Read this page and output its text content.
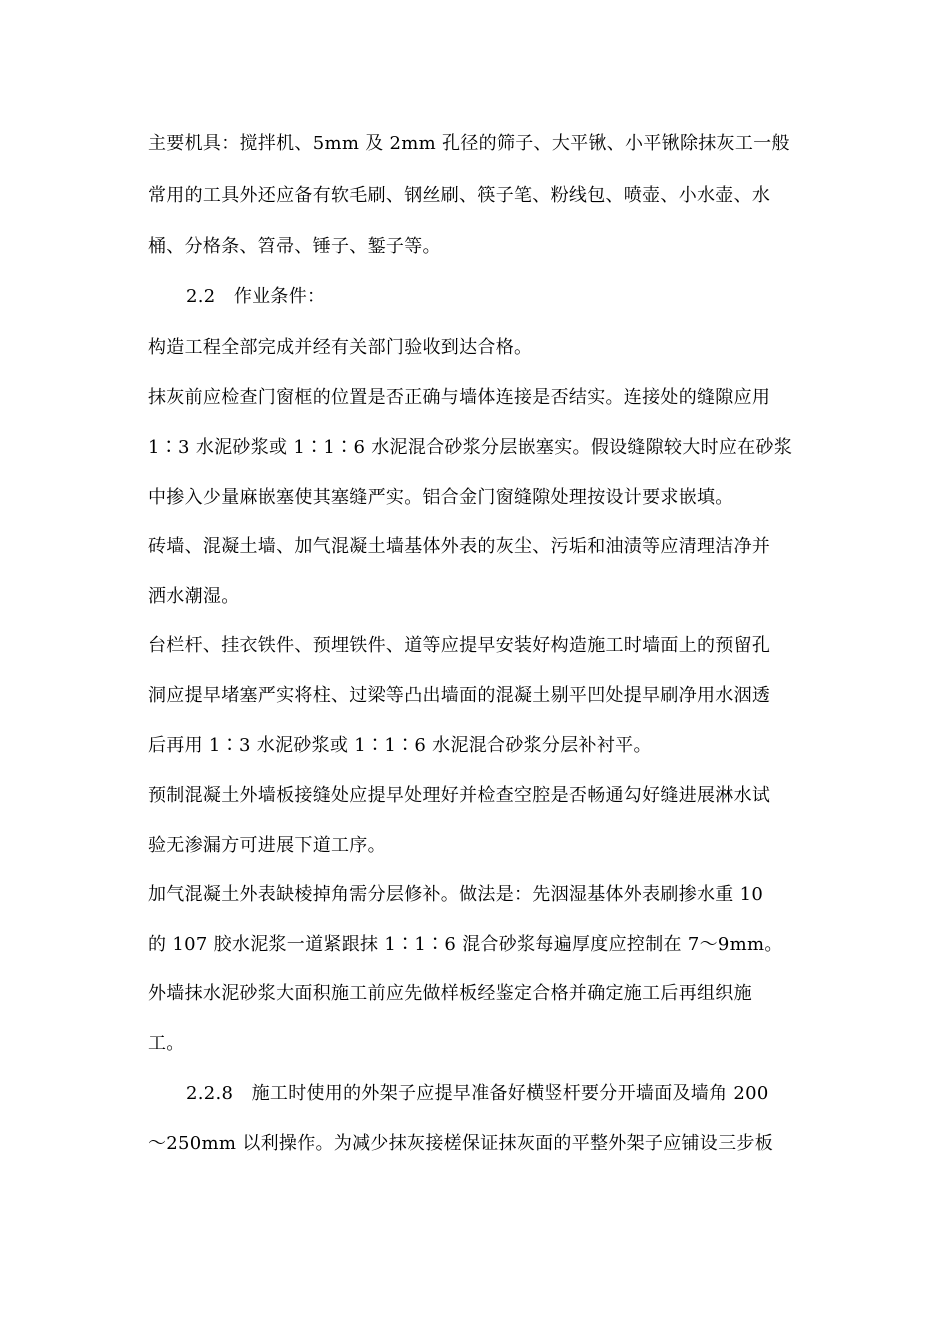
主要机具：搅拌机、5mm 及 2mm 孔径的筛子、大平锹、小平锹除抹灰工一般
常用的工具外还应备有软毛刷、钢丝刷、筷子笔、粉线包、喷壶、小水壶、水
桶、分格条、笤帚、锤子、錾子等。
2.2　作业条件：
构造工程全部完成并经有关部门验收到达合格。
抹灰前应检查门窗框的位置是否正确与墙体连接是否结实。连接处的缝隙应用
1∶3 水泥砂浆或 1∶1∶6 水泥混合砂浆分层嵌塞实。假设缝隙较大时应在砂浆
中掺入少量麻嵌塞使其塞缝严实。铝合金门窗缝隙处理按设计要求嵌填。
砖墙、混凝土墙、加气混凝土墙基体外表的灰尘、污垢和油渍等应清理洁净并
洒水潮湿。
台栏杆、挂衣铁件、预埋铁件、道等应提早安装好构造施工时墙面上的预留孔
洞应提早堵塞严实将柱、过梁等凸出墙面的混凝土剔平凹处提早刷净用水洇透
后再用 1∶3 水泥砂浆或 1∶1∶6 水泥混合砂浆分层补衬平。
预制混凝土外墙板接缝处应提早处理好并检查空腔是否畅通勾好缝进展淋水试
验无渗漏方可进展下道工序。
加气混凝土外表缺棱掉角需分层修补。做法是：先洇湿基体外表刷掺水重 10
的 107 胶水泥浆一道紧跟抹 1∶1∶6 混合砂浆每遍厚度应控制在 7～9mm。
外墙抹水泥砂浆大面积施工前应先做样板经鉴定合格并确定施工后再组织施
工。
2.2.8　施工时使用的外架子应提早准备好横竖杆要分开墙面及墙角 200
～250mm 以利操作。为减少抹灰接槎保证抹灰面的平整外架子应铺设三步板
